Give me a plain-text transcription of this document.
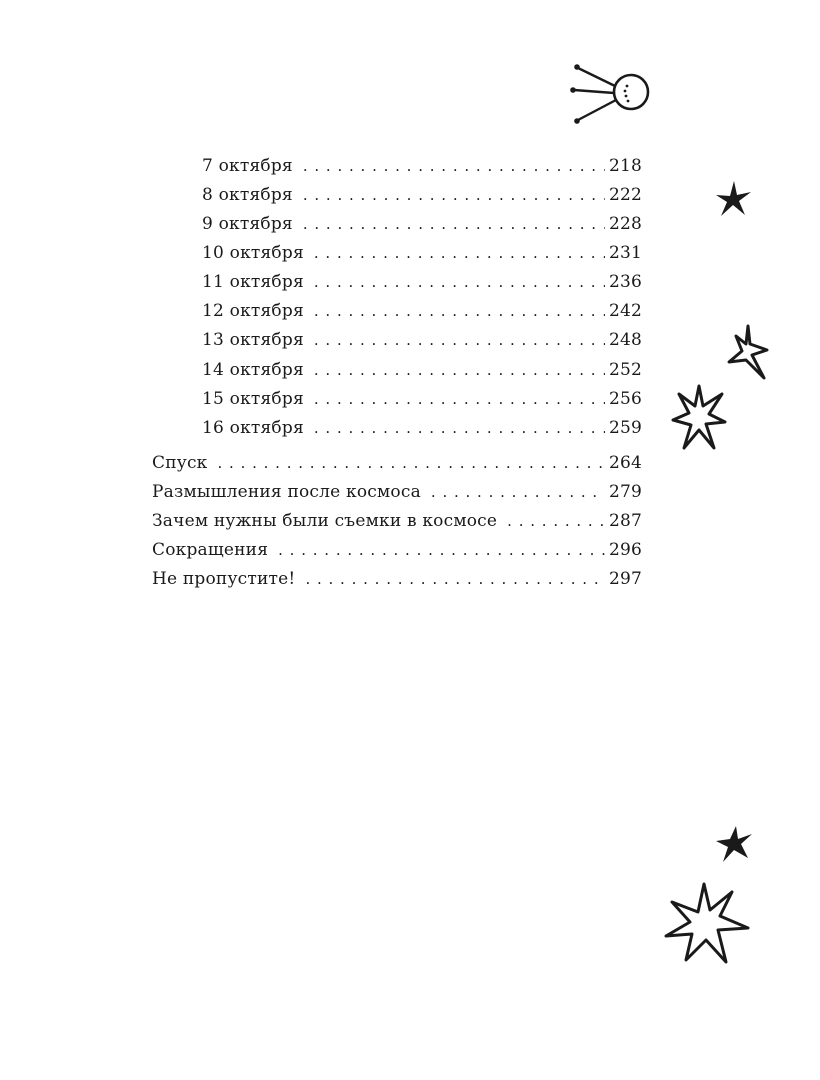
7 октября . . .	218
8 октября . . .	222
9 октября . . .	228
10 октября . . .	231
11 октября . . .	236
12 октября . . .	242
13 октября . . .	248
14 октября . . .	252
15 октября . . .	256
16 октября . . .	259
Спуск . . .	264
Размышления после космоса . . .	279
Зачем нужны были съемки в космосе . . .	287
Сокращения . . .	296
Не пропустите! . . .	297
